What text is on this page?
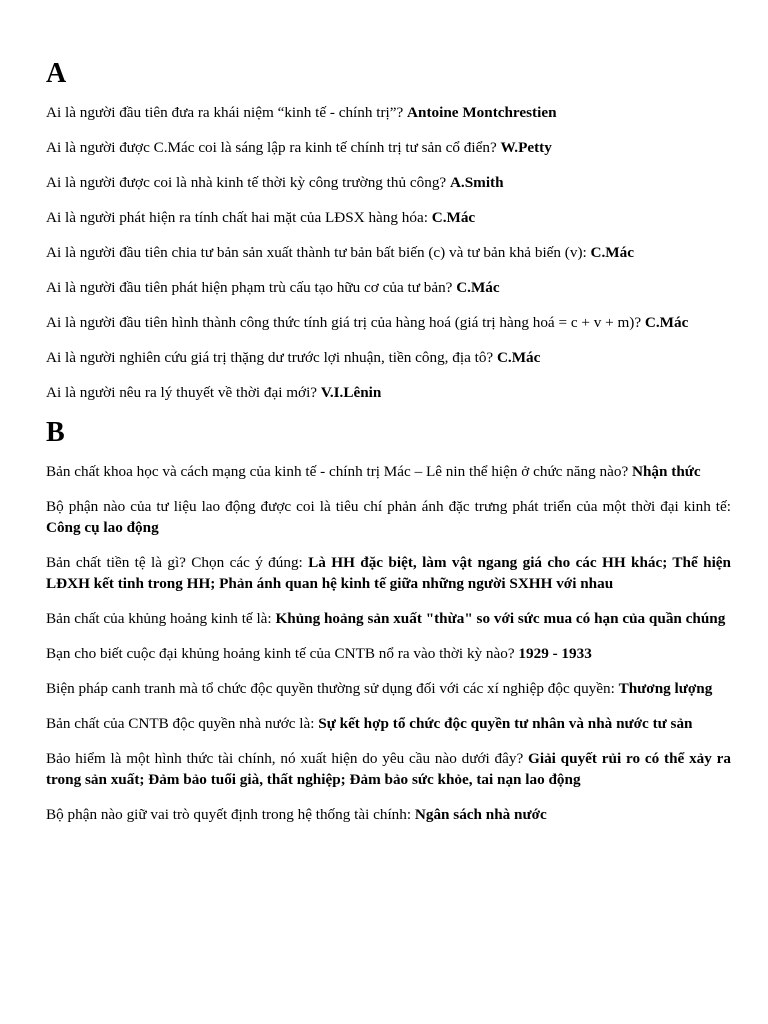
A

Ai là người đầu tiên đưa ra khái niệm “kinh tế - chính trị”? Antoine Montchrestien

Ai là người được C.Mác coi là sáng lập ra kinh tế chính trị tư sản cổ điển? W.Petty

Ai là người được coi là nhà kinh tế thời kỳ công trường thủ công? A.Smith

Ai là người phát hiện ra tính chất hai mặt của LĐSX hàng hóa: C.Mác

Ai là người đầu tiên chia tư bản sản xuất thành tư bản bất biến (c) và tư bản khả biến (v): C.Mác

Ai là người đầu tiên phát hiện phạm trù cấu tạo hữu cơ của tư bản? C.Mác

Ai là người đầu tiên hình thành công thức tính giá trị của hàng hoá (giá trị hàng hoá = c + v + m)? C.Mác

Ai là người nghiên cứu giá trị thặng dư trước lợi nhuận, tiền công, địa tô? C.Mác

Ai là người nêu ra lý thuyết về thời đại mới? V.I.Lênin

B

Bản chất khoa học và cách mạng của kinh tế - chính trị Mác – Lê nin thể hiện ở chức năng nào? Nhận thức

Bộ phận nào của tư liệu lao động được coi là tiêu chí phản ánh đặc trưng phát triển của một thời đại kinh tế: Công cụ lao động

Bản chất tiền tệ là gì? Chọn các ý đúng: Là HH đặc biệt, làm vật ngang giá cho các HH khác; Thể hiện LĐXH kết tinh trong HH; Phản ánh quan hệ kinh tế giữa những người SXHH với nhau

Bản chất của khủng hoảng kinh tế là: Khủng hoảng sản xuất "thừa" so với sức mua có hạn của quần chúng

Bạn cho biết cuộc đại khủng hoảng kinh tế của CNTB nổ ra vào thời kỳ nào? 1929 - 1933

Biện pháp canh tranh mà tổ chức độc quyền thường sử dụng đối với các xí nghiệp độc quyền: Thương lượng

Bản chất của CNTB độc quyền nhà nước là: Sự kết hợp tổ chức độc quyền tư nhân và nhà nước tư sản

Bảo hiểm là một hình thức tài chính, nó xuất hiện do yêu cầu nào dưới đây? Giải quyết rủi ro có thể xảy ra trong sản xuất; Đảm bảo tuổi già, thất nghiệp; Đảm bảo sức khỏe, tai nạn lao động

Bộ phận nào giữ vai trò quyết định trong hệ thống tài chính: Ngân sách nhà nước
